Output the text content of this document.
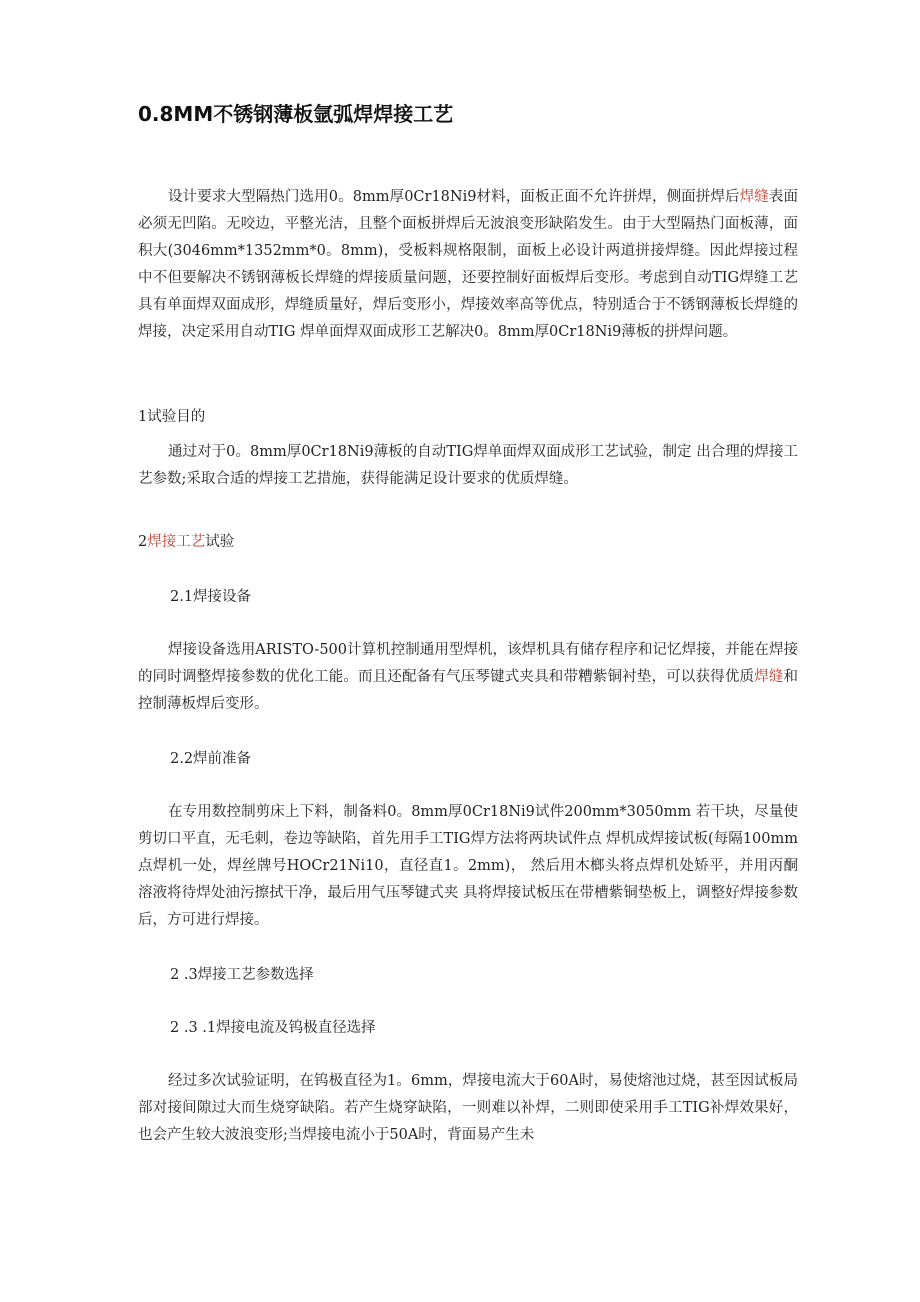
0.8MM不锈钢薄板氩弧焊焊接工艺

设计要求大型隔热门选用0。8mm厚0Cr18Ni9材料，面板正面不允许拼焊，侧面拼焊后焊缝表面必须无凹陷。无咬边，平整光洁，且整个面板拼焊后无波浪变形缺陷发生。由于大型隔热门面板薄，面积大(3046mm*1352mm*0。8mm)，受板料规格限制，面板上必设计两道拼接焊缝。因此焊接过程中不但要解决不锈钢薄板长焊缝的焊接质量问题，还要控制好面板焊后变形。考虑到自动TIG焊缝工艺具有单面焊双面成形，焊缝质量好，焊后变形小，焊接效率高等优点，特别适合于不锈钢薄板长焊缝的焊接，决定采用自动TIG 焊单面焊双面成形工艺解决0。8mm厚0Cr18Ni9薄板的拼焊问题。

1试验目的

通过对于0。8mm厚0Cr18Ni9薄板的自动TIG焊单面焊双面成形工艺试验，制定 出合理的焊接工艺参数;采取合适的焊接工艺措施，获得能满足设计要求的优质焊缝。

2焊接工艺试验
2.1焊接设备

焊接设备选用ARISTO-500计算机控制通用型焊机，该焊机具有储存程序和记忆焊接，并能在焊接的同时调整焊接参数的优化工能。而且还配备有气压琴键式夹具和带糟紫铜衬垫，可以获得优质焊缝和控制薄板焊后变形。

2.2焊前准备

在专用数控制剪床上下料，制备料0。8mm厚0Cr18Ni9试件200mm*3050mm 若干块，尽量使剪切口平直，无毛刺，卷边等缺陷，首先用手工TIG焊方法将两块试件点 焊机成焊接试板(每隔100mm点焊机一处，焊丝牌号HOCr21Ni10，直径直1。2mm)， 然后用木榔头将点焊机处矫平，并用丙酮溶液将待焊处油污擦拭干净，最后用气压琴键式夹 具将焊接试板压在带槽紫铜垫板上，调整好焊接参数后，方可进行焊接。

2 .3焊接工艺参数选择
2 .3 .1焊接电流及钨极直径选择

经过多次试验证明，在钨极直径为1。6mm，焊接电流大于60A时，易使熔池过烧，甚至因试板局部对接间隙过大而生烧穿缺陷。若产生烧穿缺陷，一则难以补焊，二则即使采用手工TIG补焊效果好，也会产生较大波浪变形;当焊接电流小于50A时，背面易产生未
